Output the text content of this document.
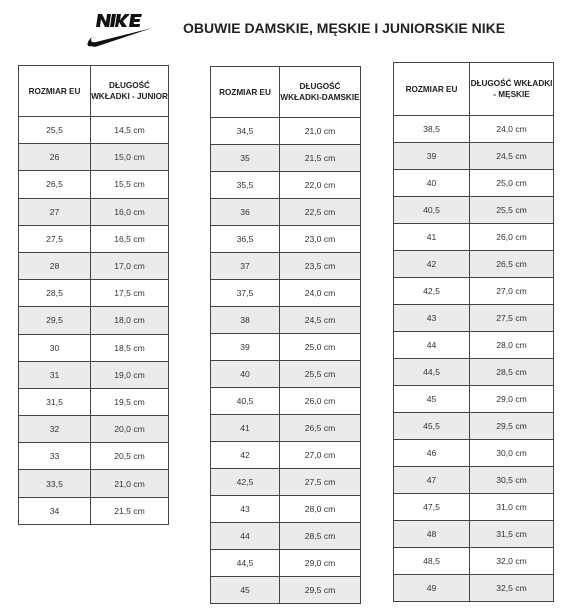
OBUWIE DAMSKIE, MĘSKIE I JUNIORSKIE NIKE
ROZMIAR EU	DŁUGOŚĆ WKŁADKI - JUNIOR
25,5	14,5 cm
26	15,0 cm
26,5	15,5 cm
27	16,0 cm
27,5	16,5 cm
28	17,0 cm
28,5	17,5 cm
29,5	18,0 cm
30	18,5 cm
31	19,0 cm
31,5	19,5 cm
32	20,0 cm
33	20,5 cm
33,5	21,0 cm
34	21,5 cm
ROZMIAR EU	DŁUGOŚĆ WKŁADKI-DAMSKIE
34,5	21,0 cm
35	21,5 cm
35,5	22,0 cm
36	22,5 cm
36,5	23,0 cm
37	23,5 cm
37,5	24,0 cm
38	24,5 cm
39	25,0 cm
40	25,5 cm
40,5	26,0 cm
41	26,5 cm
42	27,0 cm
42,5	27,5 cm
43	28,0 cm
44	28,5 cm
44,5	29,0 cm
45	29,5 cm
ROZMIAR EU	DŁUGOŚĆ WKŁADKI - MĘSKIE
38,5	24,0 cm
39	24,5 cm
40	25,0 cm
40,5	25,5 cm
41	26,0 cm
42	26,5 cm
42,5	27,0 cm
43	27,5 cm
44	28,0 cm
44,5	28,5 cm
45	29,0 cm
45,5	29,5 cm
46	30,0 cm
47	30,5 cm
47,5	31,0 cm
48	31,5 cm
48,5	32,0 cm
49	32,5 cm
